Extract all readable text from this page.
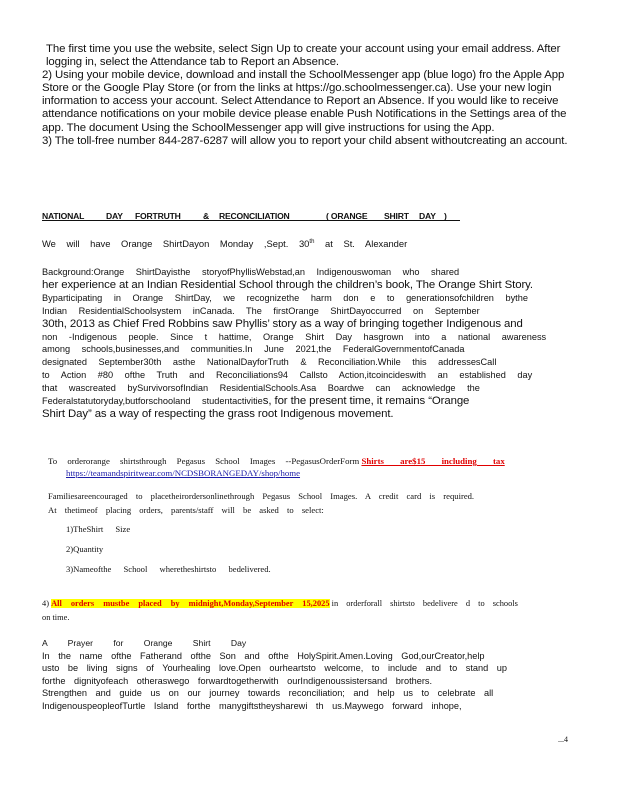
The first time you use the website, select Sign Up to create your account using your email address. After logging in, select the Attendance tab to Report an Absence.

2) Using your mobile device, download and install the SchoolMessenger app (blue logo) fro the Apple App Store or the Google Play Store (or from the links at https://go.schoolmessenger.ca). Use your new login information to access your account. Select Attendance to Report an Absence. If you would like to receive attendance notifications on your mobile device please enable Push Notifications in the Settings area of the app. The document Using the SchoolMessenger app will give instructions for using the App.

3) The toll-free number 844-287-6287 will allow you to report your child absent withoutcreating an account.

NATIONAL	DAY FORTRUTH	& RECONCILIATION	( ORANGE SHIRT DAY )
We will have Orange ShirtDayon Monday ,Sept. 30th at St. Alexander
Background:Orange ShirtDayisthe storyofPhyllisWebstad,an Indigenouswoman who shared
her experience at an Indian Residential School through the children’s book, The Orange Shirt Story.
Byparticipating in Orange ShirtDay, we recognizethe harm don e to generationsofchildren bythe
Indian ResidentialSchoolsystem inCanada. The firstOrange ShirtDayoccurred on September
30th, 2013 as Chief Fred Robbins saw Phyllis’ story as a way of bringing together Indigenous and
non -Indigenous people. Since t hattime, Orange Shirt Day hasgrown into a national awareness
among schools,businesses,and communities.In June 2021,the FederalGovernmentofCanada
designated September30th asthe NationalDayforTruth & Reconciliation.While this addressesCall
to Action #80 ofthe Truth and Reconciliations94 Callsto Action,itcoincideswith an established day
that wascreated bySurvivorsofIndian ResidentialSchools.Asa Boardwe can acknowledge the
Federalstatutoryday,butforschooland studentactivities, for the present time, it remains “Orange
Shirt Day” as a way of respecting the grass root Indigenous movement.
To orderorange shirtsthrough Pegasus School Images --PegasusOrderForm Shirts are$15 including tax
https://teamandspiritwear.com/NCDSBORANGEDAY/shop/home
Familiesareencouraged to placetheirordersonlinethrough Pegasus School Images. A credit card is required.
At thetimeof placing orders, parents/staff will be asked to select:
1)TheShirt Size
2)Quantity
3)Nameofthe School wheretheshirtsto bedelivered.
4) All orders mustbe placed by midnight,Monday,September 15,2025 in orderforall shirtsto bedelivere d to schools
on time.
A Prayer for Orange Shirt Day
In the name ofthe Fatherand ofthe Son and ofthe HolySpirit.Amen.Loving God,ourCreator,help
usto be living signs of Yourhealing love.Open ourheartsto welcome, to include and to stand up
forthe dignityofeach otheraswego forwardtogetherwith ourIndigenoussistersand brothers.
Strengthen and guide us on our journey towards reconciliation; and help us to celebrate all
IndigenouspeopleofTurtle Island forthe manygiftstheysharewi th us.Maywego forward inhope,
...4
